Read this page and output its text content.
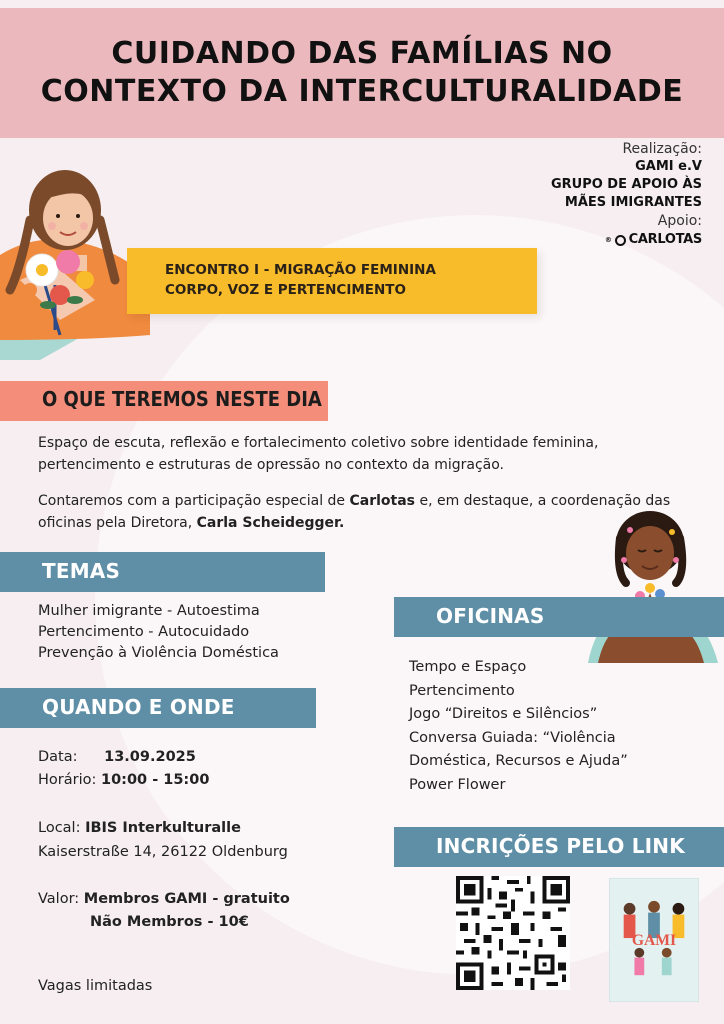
CUIDANDO DAS FAMÍLIAS NO
CONTEXTO DA INTERCULTURALIDADE
Realização:
GAMI e.V
GRUPO DE APOIO ÀS
MÃES IMIGRANTES
Apoio:
® CARLOTAS
ENCONTRO I - MIGRAÇÃO FEMININA
CORPO, VOZ E PERTENCIMENTO
O QUE TEREMOS NESTE DIA
Espaço de escuta, reflexão e fortalecimento coletivo sobre identidade feminina, pertencimento e estruturas de opressão no contexto da migração.
Contaremos com a participação especial de Carlotas e, em destaque, a coordenação das oficinas pela Diretora, Carla Scheidegger.
TEMAS
Mulher imigrante - Autoestima
Pertencimento - Autocuidado
Prevenção à Violência Doméstica
OFICINAS
Tempo e Espaço
Pertencimento
Jogo “Direitos e Silêncios”
Conversa Guiada: “Violência
Doméstica, Recursos e Ajuda”
Power Flower
QUANDO E ONDE
Data: 13.09.2025
Horário: 10:00 - 15:00
Local: IBIS Interkulturalle
Kaiserstraße 14, 26122 Oldenburg
Valor: Membros GAMI - gratuito
Não Membros - 10€
Vagas limitadas
INCRIÇÕES PELO LINK
GAMI
